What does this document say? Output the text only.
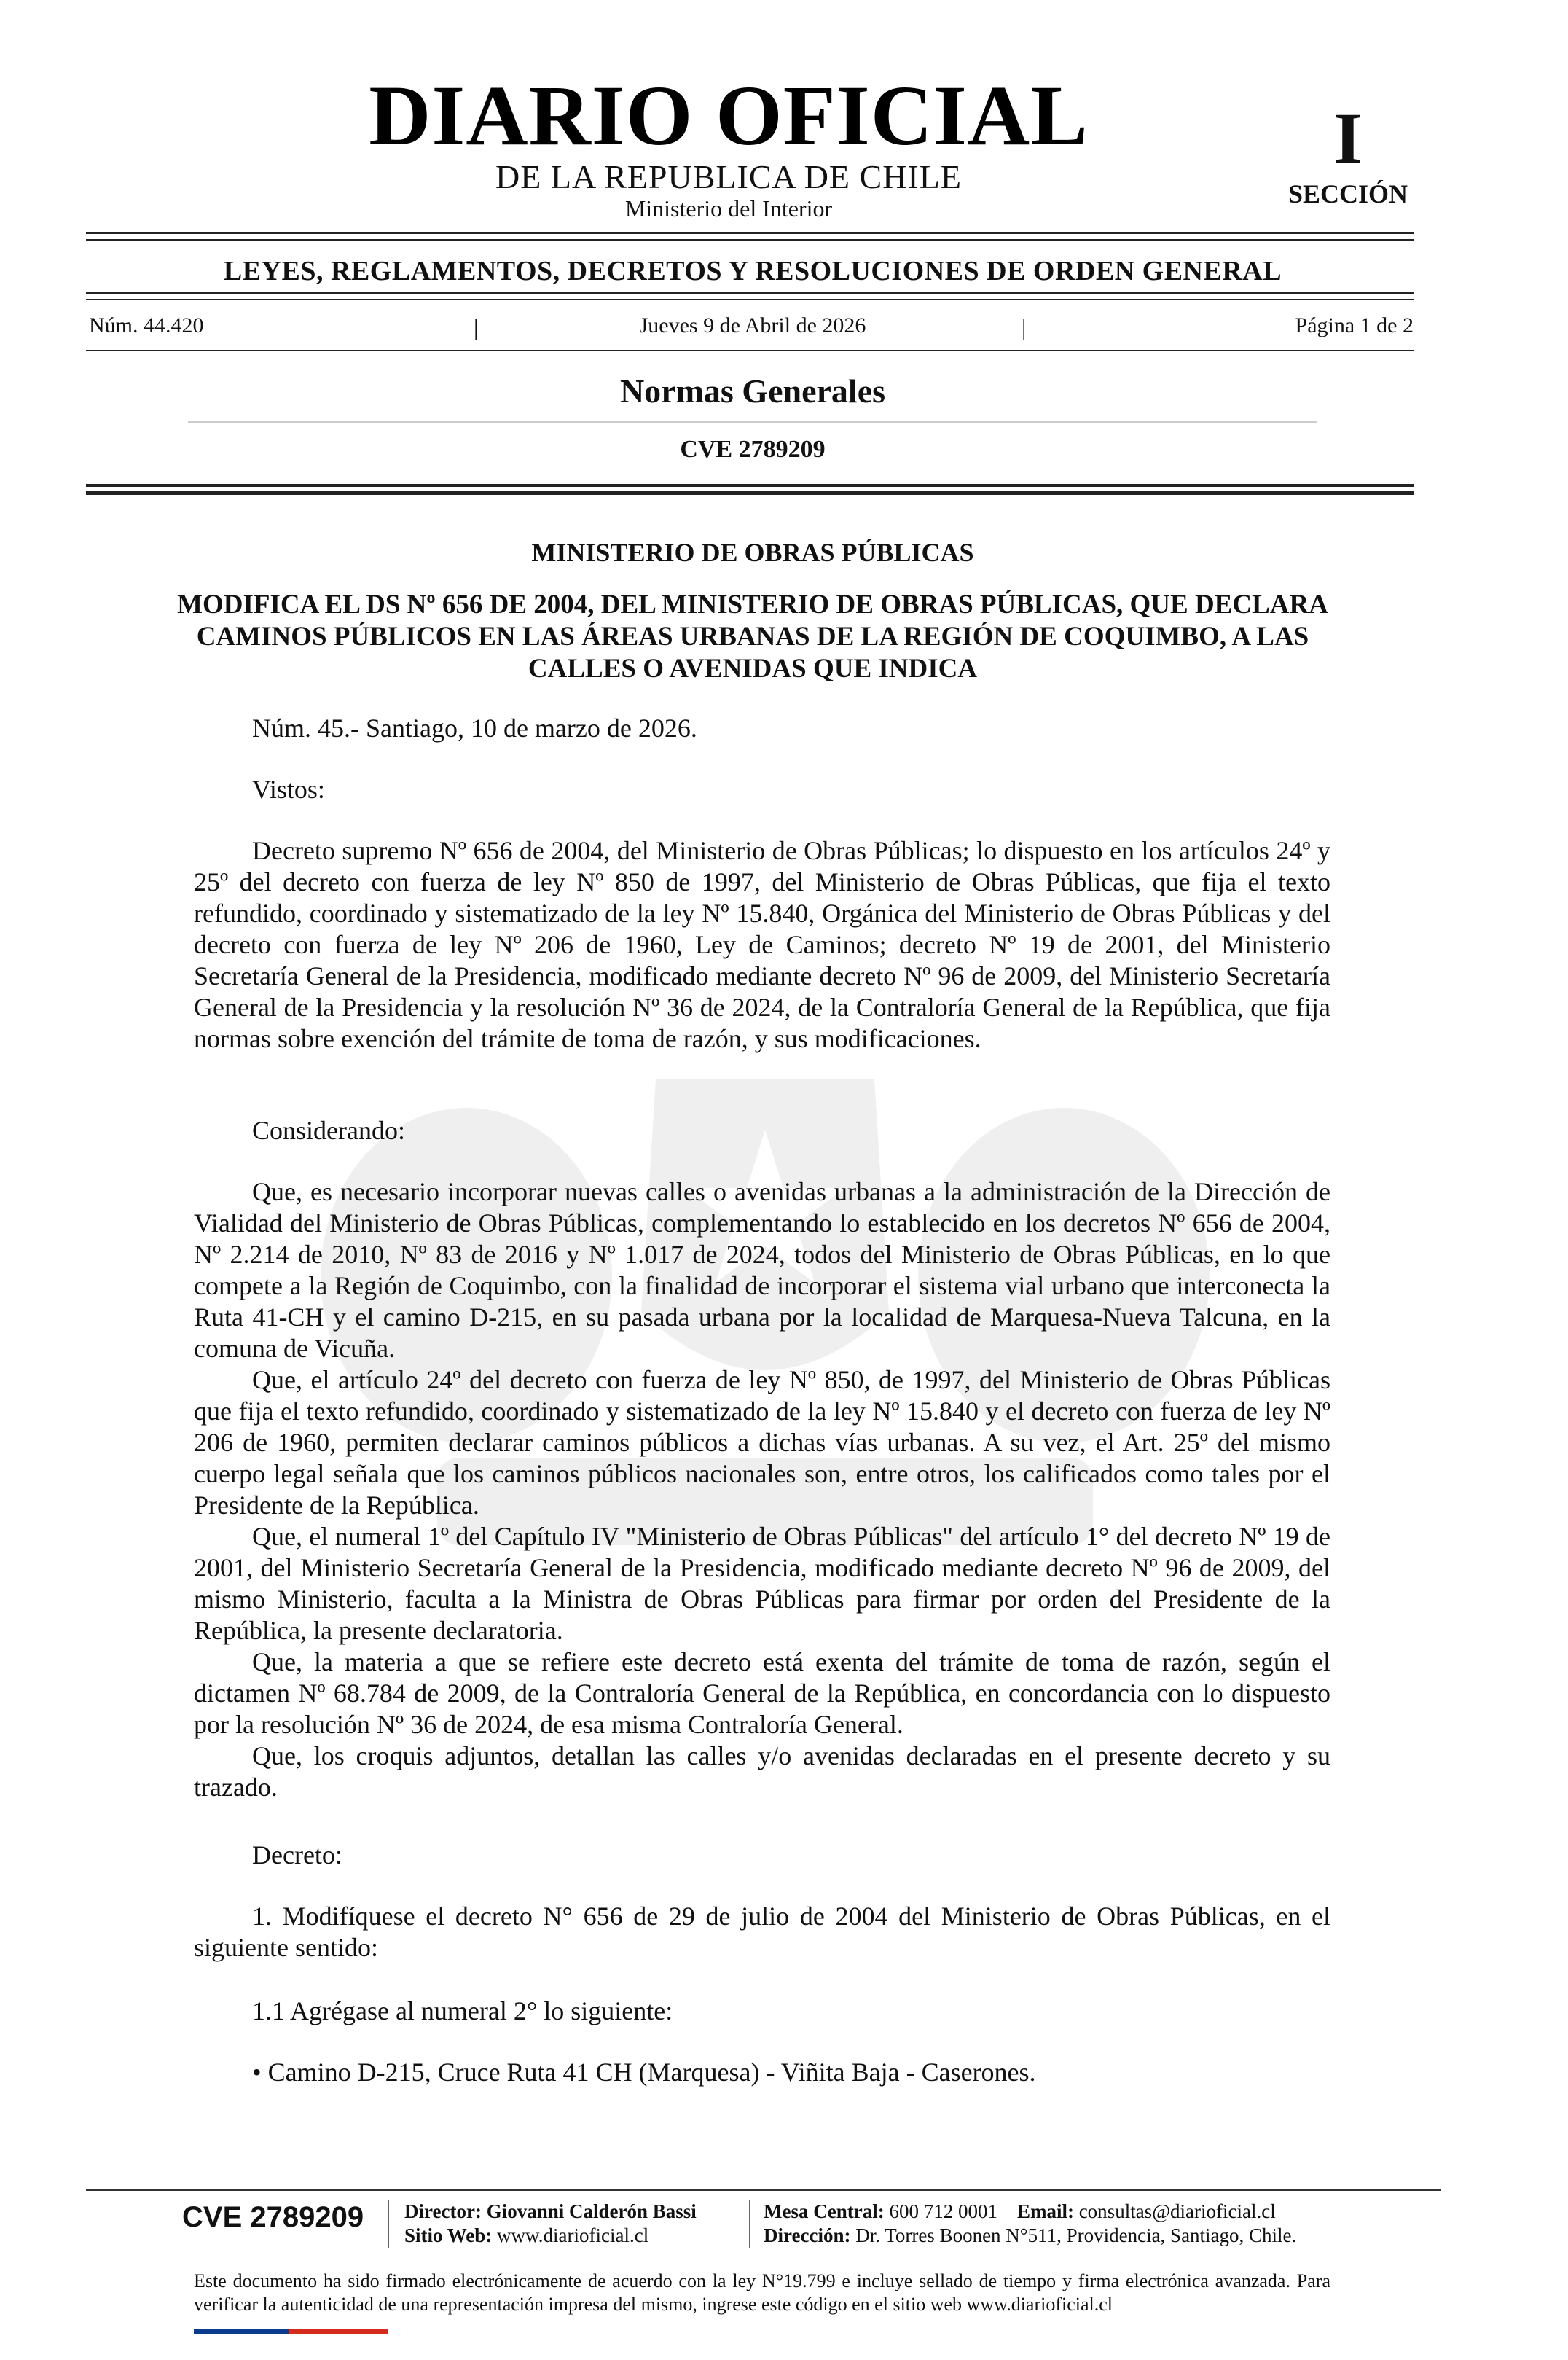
DIARIO OFICIAL
DE LA REPUBLICA DE CHILE
Ministerio del Interior
I
SECCIÓN
LEYES, REGLAMENTOS, DECRETOS Y RESOLUCIONES DE ORDEN GENERAL
Núm. 44.420	|	Jueves 9 de Abril de 2026	|	Página 1 de 2
Normas Generales
CVE 2789209
MINISTERIO DE OBRAS PÚBLICAS
MODIFICA EL DS Nº 656 DE 2004, DEL MINISTERIO DE OBRAS PÚBLICAS, QUE DECLARA CAMINOS PÚBLICOS EN LAS ÁREAS URBANAS DE LA REGIÓN DE COQUIMBO, A LAS CALLES O AVENIDAS QUE INDICA
Núm. 45.- Santiago, 10 de marzo de 2026.
Vistos:

Decreto supremo Nº 656 de 2004, del Ministerio de Obras Públicas; lo dispuesto en los artículos 24º y 25º del decreto con fuerza de ley Nº 850 de 1997, del Ministerio de Obras Públicas, que fija el texto refundido, coordinado y sistematizado de la ley Nº 15.840, Orgánica del Ministerio de Obras Públicas y del decreto con fuerza de ley Nº 206 de 1960, Ley de Caminos; decreto Nº 19 de 2001, del Ministerio Secretaría General de la Presidencia, modificado mediante decreto Nº 96 de 2009, del Ministerio Secretaría General de la Presidencia y la resolución Nº 36 de 2024, de la Contraloría General de la República, que fija normas sobre exención del trámite de toma de razón, y sus modificaciones.

Considerando:

Que, es necesario incorporar nuevas calles o avenidas urbanas a la administración de la Dirección de Vialidad del Ministerio de Obras Públicas, complementando lo establecido en los decretos Nº 656 de 2004, Nº 2.214 de 2010, Nº 83 de 2016 y Nº 1.017 de 2024, todos del Ministerio de Obras Públicas, en lo que compete a la Región de Coquimbo, con la finalidad de incorporar el sistema vial urbano que interconecta la Ruta 41-CH y el camino D-215, en su pasada urbana por la localidad de Marquesa-Nueva Talcuna, en la comuna de Vicuña.

Que, el artículo 24º del decreto con fuerza de ley Nº 850, de 1997, del Ministerio de Obras Públicas que fija el texto refundido, coordinado y sistematizado de la ley Nº 15.840 y el decreto con fuerza de ley Nº 206 de 1960, permiten declarar caminos públicos a dichas vías urbanas. A su vez, el Art. 25º del mismo cuerpo legal señala que los caminos públicos nacionales son, entre otros, los calificados como tales por el Presidente de la República.

Que, el numeral 1º del Capítulo IV "Ministerio de Obras Públicas" del artículo 1° del decreto Nº 19 de 2001, del Ministerio Secretaría General de la Presidencia, modificado mediante decreto Nº 96 de 2009, del mismo Ministerio, faculta a la Ministra de Obras Públicas para firmar por orden del Presidente de la República, la presente declaratoria.

Que, la materia a que se refiere este decreto está exenta del trámite de toma de razón, según el dictamen Nº 68.784 de 2009, de la Contraloría General de la República, en concordancia con lo dispuesto por la resolución Nº 36 de 2024, de esa misma Contraloría General.

Que, los croquis adjuntos, detallan las calles y/o avenidas declaradas en el presente decreto y su trazado.

Decreto:

1. Modifíquese el decreto N° 656 de 29 de julio de 2004 del Ministerio de Obras Públicas, en el siguiente sentido:

1.1 Agrégase al numeral 2° lo siguiente:
• Camino D-215, Cruce Ruta 41 CH (Marquesa) - Viñita Baja - Caserones.
CVE 2789209 Director: Giovanni Calderón Bassi
Sitio Web: www.diarioficial.cl
Mesa Central: 600 712 0001 Email: consultas@diarioficial.cl
Dirección: Dr. Torres Boonen N°511, Providencia, Santiago, Chile.
Este documento ha sido firmado electrónicamente de acuerdo con la ley N°19.799 e incluye sellado de tiempo y firma electrónica avanzada. Para verificar la autenticidad de una representación impresa del mismo, ingrese este código en el sitio web www.diarioficial.cl
